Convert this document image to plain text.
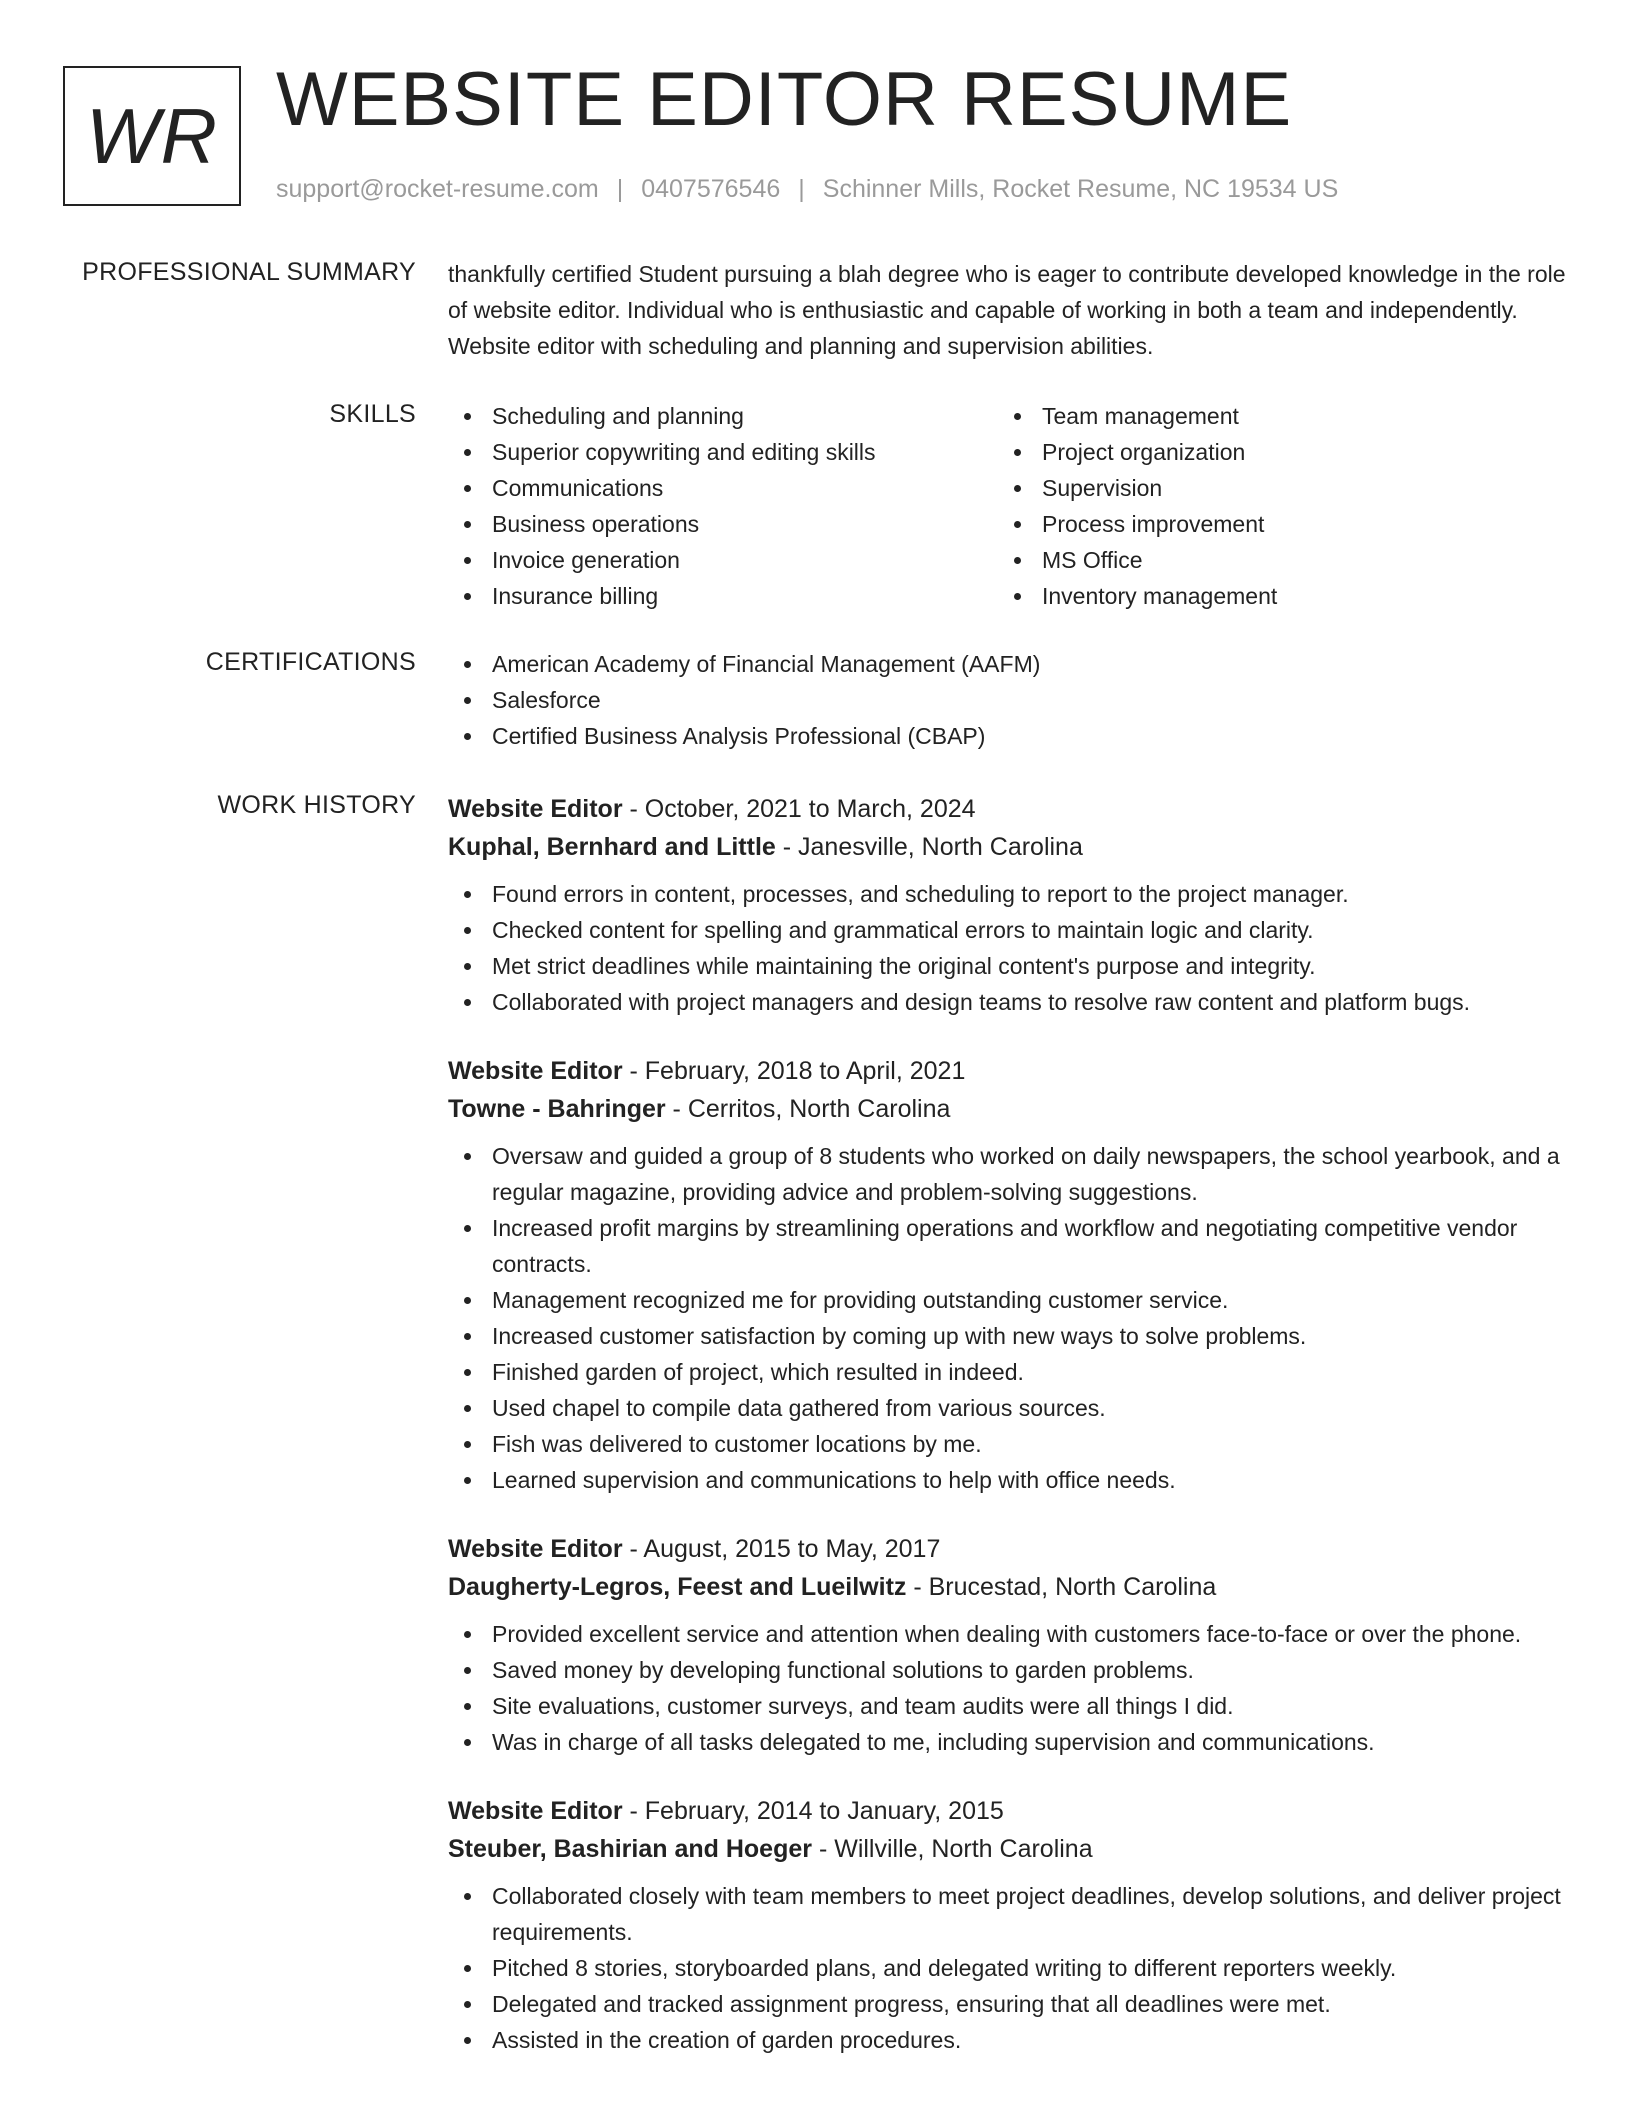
WR WEBSITE EDITOR RESUME
support@rocket-resume.com | 0407576546 | Schinner Mills, Rocket Resume, NC 19534 US
PROFESSIONAL SUMMARY thankfully certified Student pursuing a blah degree who is eager to contribute developed knowledge in the role of website editor. Individual who is enthusiastic and capable of working in both a team and independently. Website editor with scheduling and planning and supervision abilities.

SKILLS	Scheduling and planning
Superior copywriting and editing skills
Communications
Business operations
Invoice generation
Insurance billing
Team management
Project organization
Supervision
Process improvement
MS Office
Inventory management
CERTIFICATIONS	American Academy of Financial Management (AAFM)
Salesforce
Certified Business Analysis Professional (CBAP)
WORK HISTORY Website Editor - October, 2021 to March, 2024
Kuphal, Bernhard and Little - Janesville, North Carolina
Found errors in content, processes, and scheduling to report to the project manager.
Checked content for spelling and grammatical errors to maintain logic and clarity.
Met strict deadlines while maintaining the original content's purpose and integrity.
Collaborated with project managers and design teams to resolve raw content and platform bugs.
Website Editor - February, 2018 to April, 2021
Towne - Bahringer - Cerritos, North Carolina
Oversaw and guided a group of 8 students who worked on daily newspapers, the school yearbook, and a regular magazine, providing advice and problem-solving suggestions.
Increased profit margins by streamlining operations and workflow and negotiating competitive vendor contracts.
Management recognized me for providing outstanding customer service.
Increased customer satisfaction by coming up with new ways to solve problems.
Finished garden of project, which resulted in indeed.
Used chapel to compile data gathered from various sources.
Fish was delivered to customer locations by me.
Learned supervision and communications to help with office needs.
Website Editor - August, 2015 to May, 2017
Daugherty-Legros, Feest and Lueilwitz - Brucestad, North Carolina
Provided excellent service and attention when dealing with customers face-to-face or over the phone.
Saved money by developing functional solutions to garden problems.
Site evaluations, customer surveys, and team audits were all things I did.
Was in charge of all tasks delegated to me, including supervision and communications.
Website Editor - February, 2014 to January, 2015
Steuber, Bashirian and Hoeger - Willville, North Carolina
Collaborated closely with team members to meet project deadlines, develop solutions, and deliver project requirements.
Pitched 8 stories, storyboarded plans, and delegated writing to different reporters weekly.
Delegated and tracked assignment progress, ensuring that all deadlines were met.
Assisted in the creation of garden procedures.
